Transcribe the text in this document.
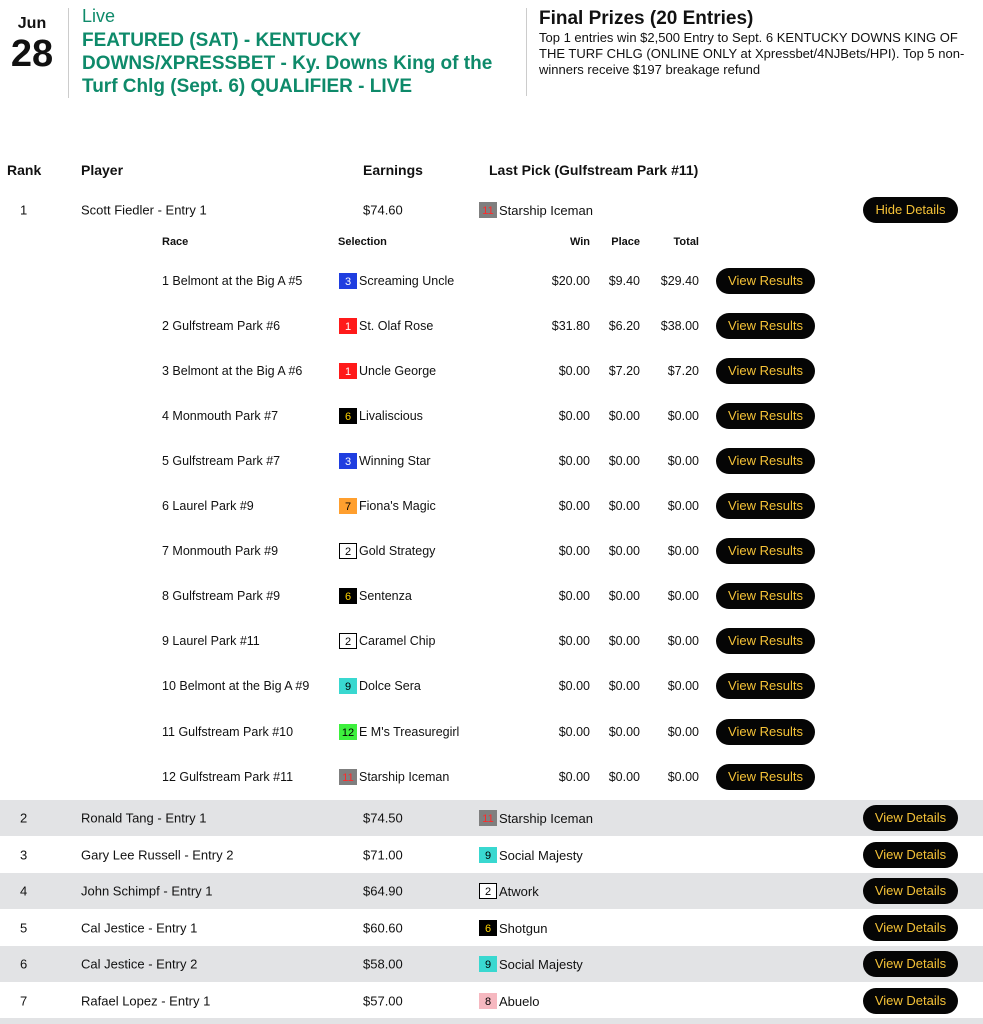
Jun
28
Live
FEATURED (SAT) - KENTUCKY DOWNS/XPRESSBET - Ky. Downs King of the Turf Chlg (Sept. 6) QUALIFIER - LIVE
Final Prizes (20 Entries)
Top 1 entries win $2,500 Entry to Sept. 6 KENTUCKY DOWNS KING OF THE TURF CHLG (ONLINE ONLY at Xpressbet/4NJBets/HPI). Top 5 non-winners receive $197 breakage refund
Rank	Player	Earnings	Last Pick (Gulfstream Park #11)
1	Scott Fiedler - Entry 1	$74.60	11 Starship Iceman	Hide Details
2	Ronald Tang - Entry 1	$74.50	11 Starship Iceman	View Details
3	Gary Lee Russell - Entry 2	$71.00	9 Social Majesty	View Details
4	John Schimpf - Entry 1	$64.90	2 Atwork	View Details
5	Cal Jestice - Entry 1	$60.60	6 Shotgun	View Details
6	Cal Jestice - Entry 2	$58.00	9 Social Majesty	View Details
7	Rafael Lopez - Entry 1	$57.00	8 Abuelo	View Details
Race	Selection	Win	Place	Total
1 Belmont at the Big A #5	3 Screaming Uncle	$20.00	$9.40	$29.40	View Results
2 Gulfstream Park #6	1 St. Olaf Rose	$31.80	$6.20	$38.00	View Results
3 Belmont at the Big A #6	1 Uncle George	$0.00	$7.20	$7.20	View Results
4 Monmouth Park #7	6 Livaliscious	$0.00	$0.00	$0.00	View Results
5 Gulfstream Park #7	3 Winning Star	$0.00	$0.00	$0.00	View Results
6 Laurel Park #9	7 Fiona's Magic	$0.00	$0.00	$0.00	View Results
7 Monmouth Park #9	2 Gold Strategy	$0.00	$0.00	$0.00	View Results
8 Gulfstream Park #9	6 Sentenza	$0.00	$0.00	$0.00	View Results
9 Laurel Park #11	2 Caramel Chip	$0.00	$0.00	$0.00	View Results
10 Belmont at the Big A #9	9 Dolce Sera	$0.00	$0.00	$0.00	View Results
11 Gulfstream Park #10	12 E M's Treasuregirl	$0.00	$0.00	$0.00	View Results
12 Gulfstream Park #11	11 Starship Iceman	$0.00	$0.00	$0.00	View Results
